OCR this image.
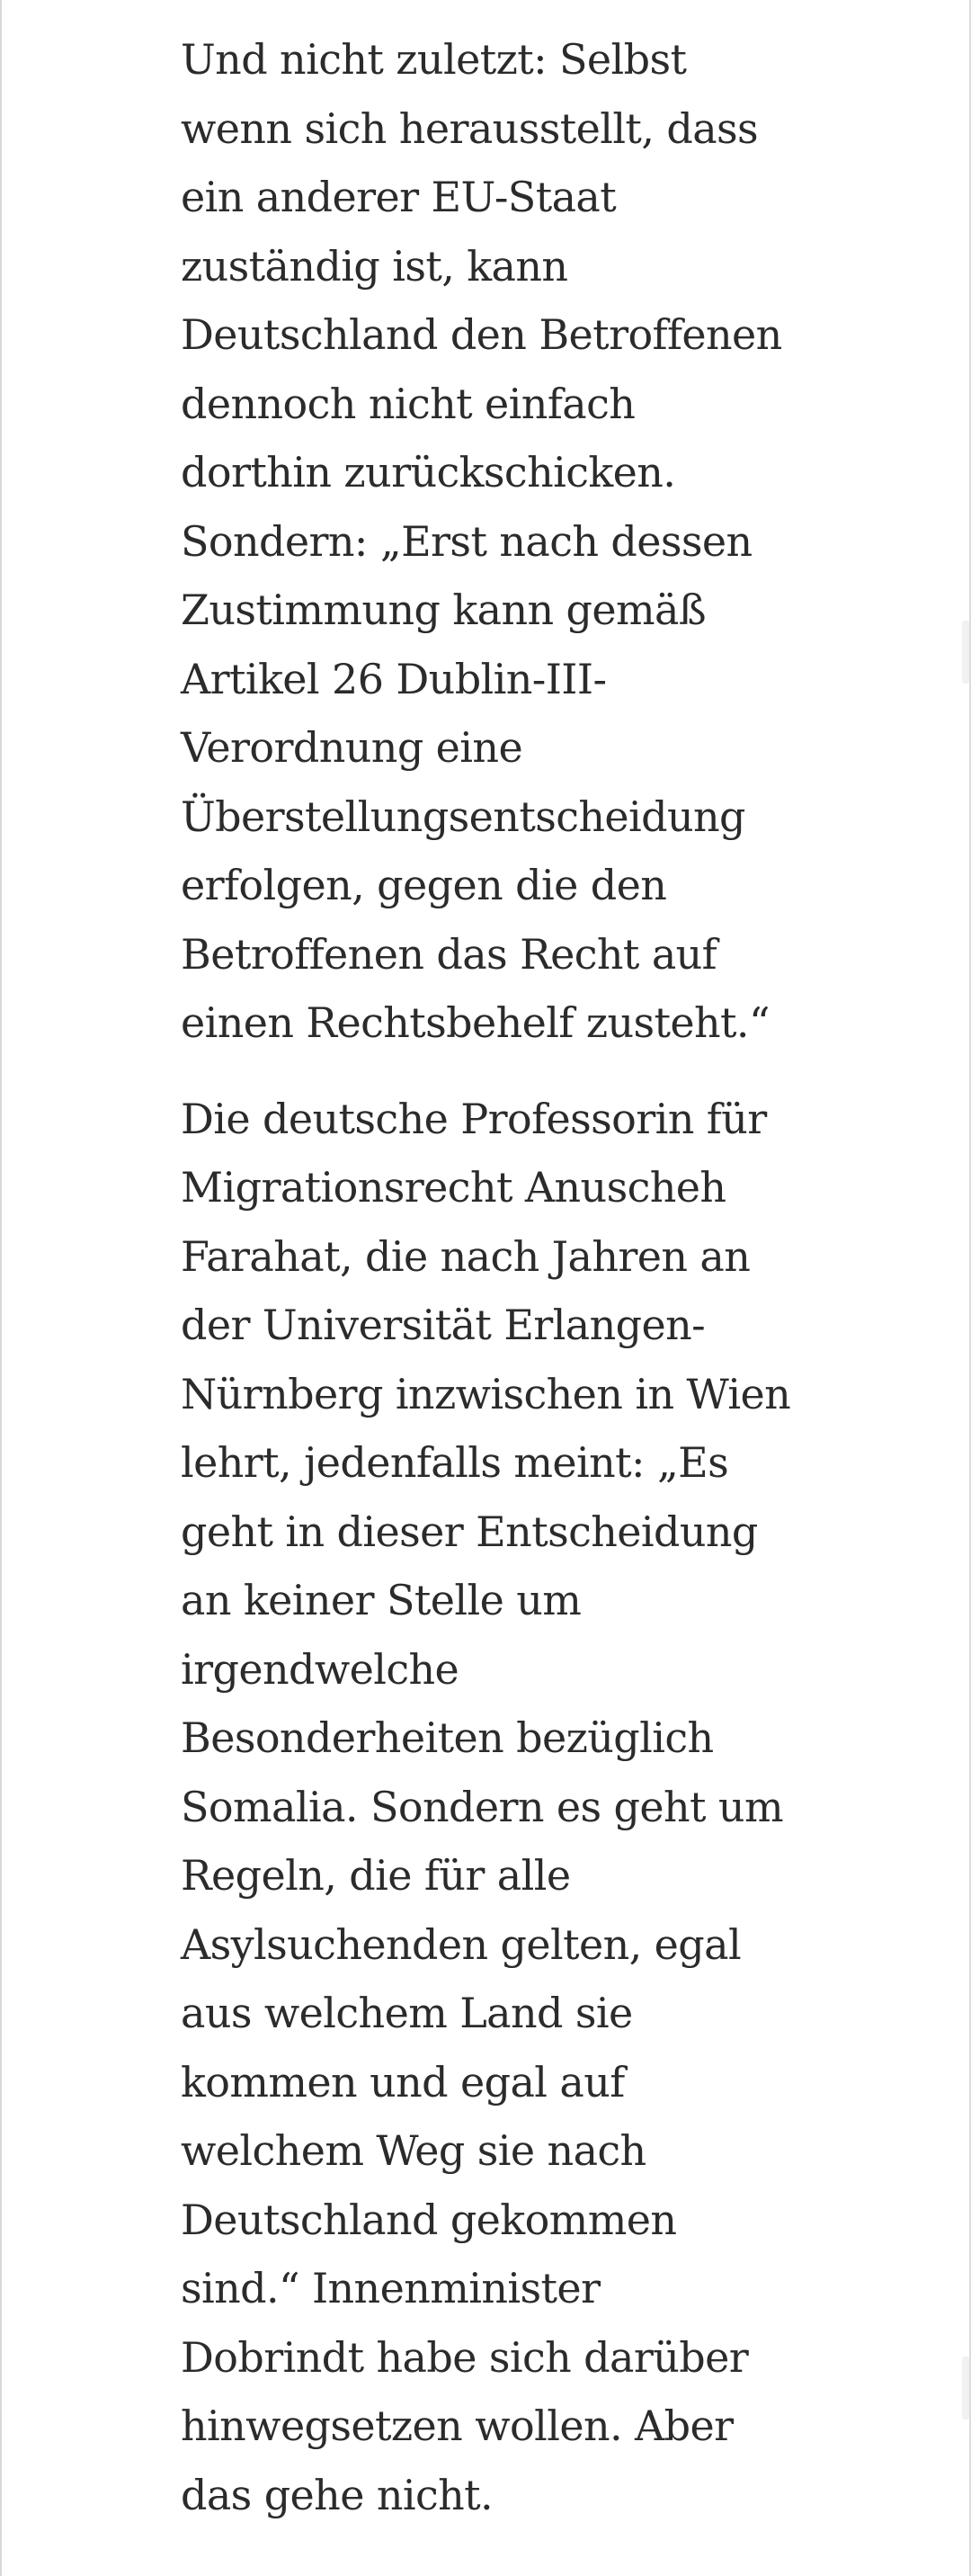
Und nicht zuletzt: Selbst
wenn sich herausstellt, dass
ein anderer EU-Staat
zuständig ist, kann
Deutschland den Betroffenen
dennoch nicht einfach
dorthin zurückschicken.
Sondern: „Erst nach dessen
Zustimmung kann gemäß
Artikel 26 Dublin-III-
Verordnung eine
Überstellungsentscheidung
erfolgen, gegen die den
Betroffenen das Recht auf
einen Rechtsbehelf zusteht.“

Die deutsche Professorin für
Migrationsrecht Anuscheh
Farahat, die nach Jahren an
der Universität Erlangen-
Nürnberg inzwischen in Wien
lehrt, jedenfalls meint: „Es
geht in dieser Entscheidung
an keiner Stelle um
irgendwelche
Besonderheiten bezüglich
Somalia. Sondern es geht um
Regeln, die für alle
Asylsuchenden gelten, egal
aus welchem Land sie
kommen und egal auf
welchem Weg sie nach
Deutschland gekommen
sind.“ Innenminister
Dobrindt habe sich darüber
hinwegsetzen wollen. Aber
das gehe nicht.
